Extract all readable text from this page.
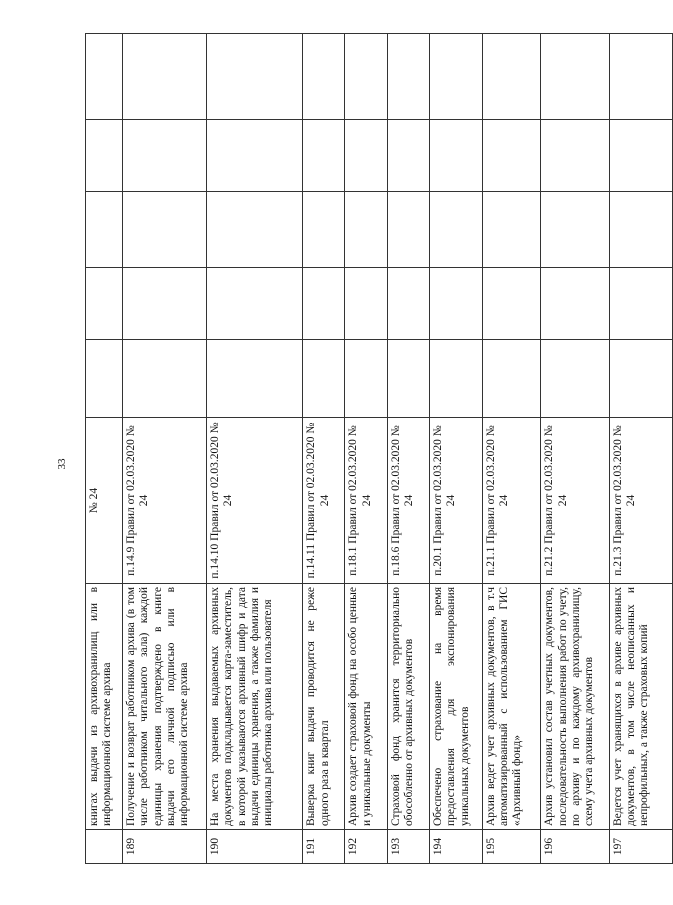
33
	книгах выдачи из архивохранилищ или в информационной системе архива	№ 24					
189	Получение и возврат работником архива (в том числе работником читального зала) каждой единицы хранения подтверждено в книге выдачи его личной подписью или в информационной системе архива	п.14.9 Правил от 02.03.2020 № 24					
190	На места хранения выдаваемых архивных документов подкладывается карта-заместитель, в которой указываются архивный шифр и дата выдачи единицы хранения, а также фамилия и инициалы работника архива или пользователя	п.14.10 Правил от 02.03.2020 № 24					
191	Выверка книг выдачи проводится не реже одного раза в квартал	п.14.11 Правил от 02.03.2020 № 24					
192	Архив создает страховой фонд на особо ценные и уникальные документы	п.18.1 Правил от 02.03.2020 № 24					
193	Страховой фонд хранится территориально обособленно от архивных документов	п.18.6 Правил от 02.03.2020 № 24					
194	Обеспечено страхование на время предоставления для экспонирования уникальных документов	п.20.1 Правил от 02.03.2020 № 24					
195	Архив ведет учет архивных документов, в т.ч автоматизированный с использованием ГИС «Архивный фонд»	п.21.1 Правил от 02.03.2020 № 24					
196	Архив установил состав учетных документов, последовательность выполнения работ по учету, по архиву и по каждому архивохранилищу, схему учета архивных документов	п.21.2 Правил от 02.03.2020 № 24					
197	Ведется учет хранящихся в архиве архивных документов, в том числе неописанных и непрофильных, а также страховых копий	п.21.3 Правил от 02.03.2020 № 24					
